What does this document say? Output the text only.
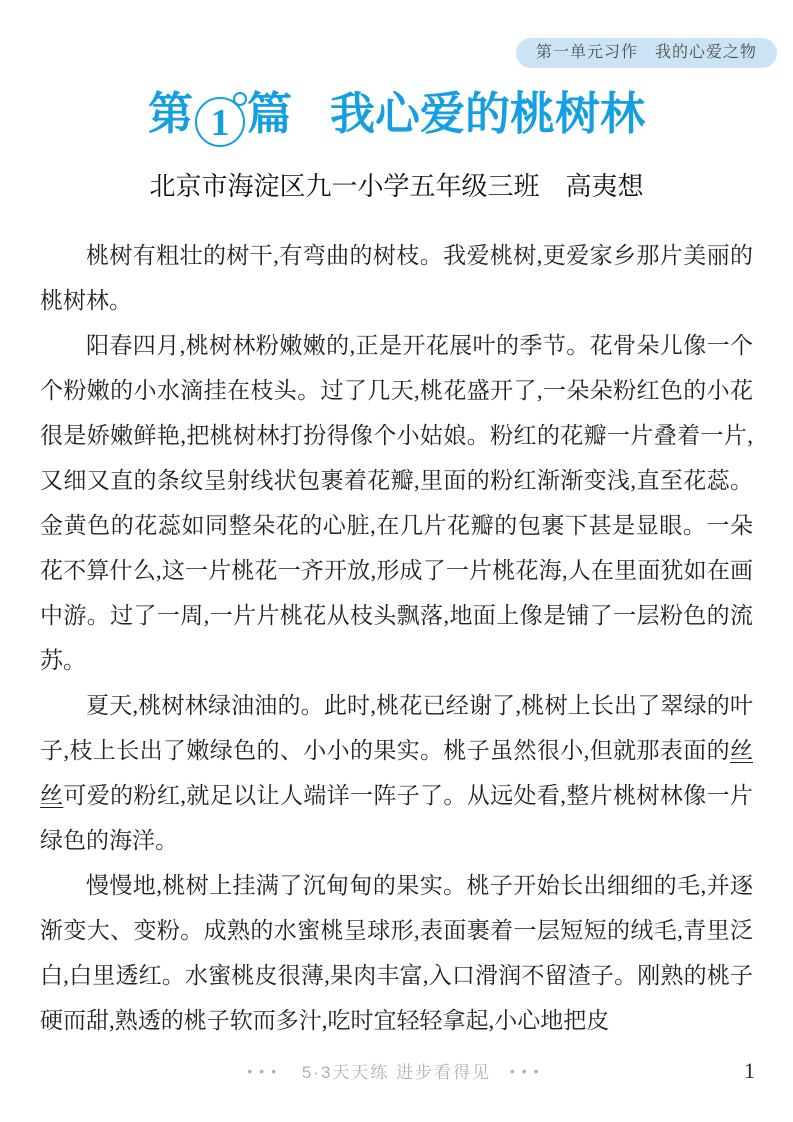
第一单元习作　我的心爱之物
第 1 篇 我心爱的桃树林
北京市海淀区九一小学五年级三班　高夷想

桃树有粗壮的树干,有弯曲的树枝。我爱桃树,更爱家乡那片美丽的桃树林。

阳春四月,桃树林粉嫩嫩的,正是开花展叶的季节。花骨朵儿像一个个粉嫩的小水滴挂在枝头。过了几天,桃花盛开了,一朵朵粉红色的小花很是娇嫩鲜艳,把桃树林打扮得像个小姑娘。粉红的花瓣一片叠着一片,又细又直的条纹呈射线状包裹着花瓣,里面的粉红渐渐变浅,直至花蕊。金黄色的花蕊如同整朵花的心脏,在几片花瓣的包裹下甚是显眼。一朵花不算什么,这一片桃花一齐开放,形成了一片桃花海,人在里面犹如在画中游。过了一周,一片片桃花从枝头飘落,地面上像是铺了一层粉色的流苏。

夏天,桃树林绿油油的。此时,桃花已经谢了,桃树上长出了翠绿的叶子,枝上长出了嫩绿色的、小小的果实。桃子虽然很小,但就那表面的丝丝可爱的粉红,就足以让人端详一阵子了。从远处看,整片桃树林像一片绿色的海洋。

慢慢地,桃树上挂满了沉甸甸的果实。桃子开始长出细细的毛,并逐渐变大、变粉。成熟的水蜜桃呈球形,表面裹着一层短短的绒毛,青里泛白,白里透红。水蜜桃皮很薄,果肉丰富,入口滑润不留渣子。刚熟的桃子硬而甜,熟透的桃子软而多汁,吃时宜轻轻拿起,小心地把皮

••• 5·3天天练 进步看得见 •••	1
